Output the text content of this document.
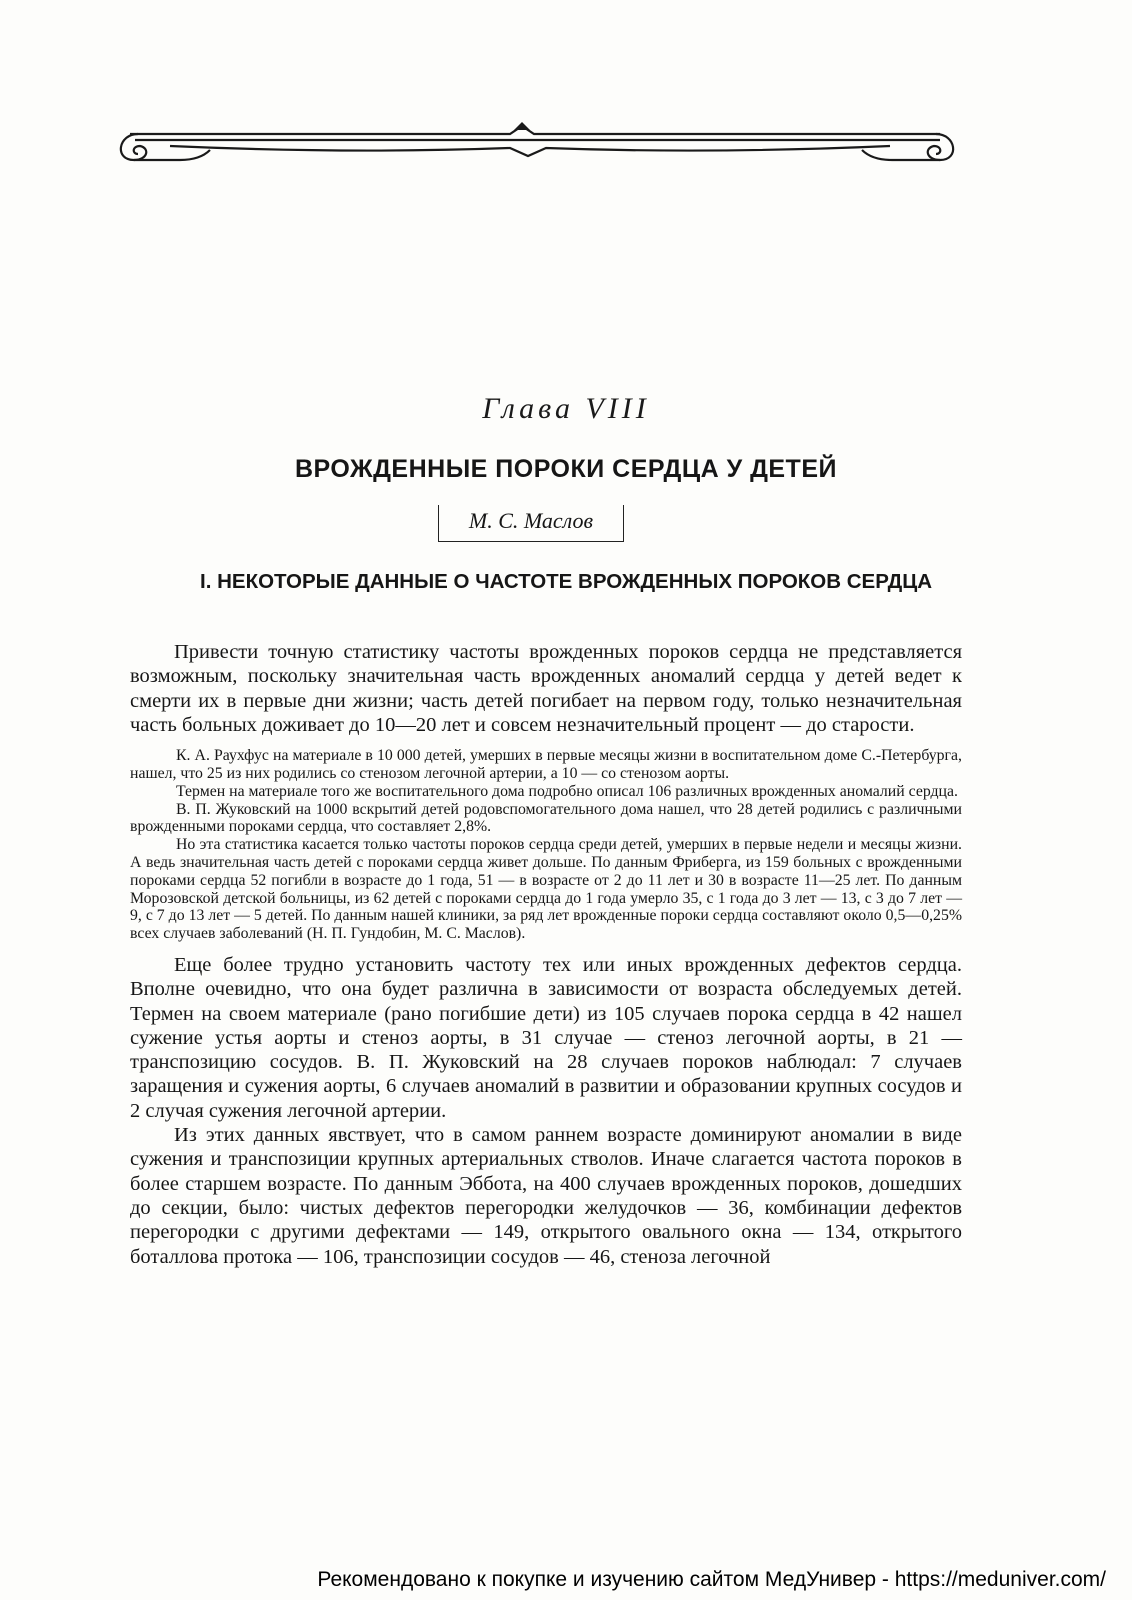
Глава VIII
ВРОЖДЕННЫЕ ПОРОКИ СЕРДЦА У ДЕТЕЙ
М. С. Маслов
I. НЕКОТОРЫЕ ДАННЫЕ О ЧАСТОТЕ ВРОЖДЕННЫХ ПОРОКОВ СЕРДЦА

Привести точную статистику частоты врожденных пороков сердца не представляется возможным, поскольку значительная часть врожденных аномалий сердца у детей ведет к смерти их в первые дни жизни; часть детей погибает на первом году, только незначительная часть больных доживает до 10—20 лет и совсем незначительный процент — до старости.

К. А. Раухфус на материале в 10 000 детей, умерших в первые месяцы жизни в воспитательном доме С.-Петербурга, нашел, что 25 из них родились со стенозом легочной артерии, а 10 — со стенозом аорты.

Термен на материале того же воспитательного дома подробно описал 106 различных врожденных аномалий сердца.

В. П. Жуковский на 1000 вскрытий детей родовспомогательного дома нашел, что 28 детей родились с различными врожденными пороками сердца, что составляет 2,8%.

Но эта статистика касается только частоты пороков сердца среди детей, умерших в первые недели и месяцы жизни. А ведь значительная часть детей с пороками сердца живет дольше. По данным Фриберга, из 159 больных с врожденными пороками сердца 52 погибли в возрасте до 1 года, 51 — в возрасте от 2 до 11 лет и 30 в возрасте 11—25 лет. По данным Морозовской детской больницы, из 62 детей с пороками сердца до 1 года умерло 35, с 1 года до 3 лет — 13, с 3 до 7 лет — 9, с 7 до 13 лет — 5 детей. По данным нашей клиники, за ряд лет врожденные пороки сердца составляют около 0,5—0,25% всех случаев заболеваний (Н. П. Гундобин, М. С. Маслов).

Еще более трудно установить частоту тех или иных врожденных дефектов сердца. Вполне очевидно, что она будет различна в зависимости от возраста обследуемых детей. Термен на своем материале (рано погибшие дети) из 105 случаев порока сердца в 42 нашел сужение устья аорты и стеноз аорты, в 31 случае — стеноз легочной аорты, в 21 — транспозицию сосудов. В. П. Жуковский на 28 случаев пороков наблюдал: 7 случаев заращения и сужения аорты, 6 случаев аномалий в развитии и образовании крупных сосудов и 2 случая сужения легочной артерии.

Из этих данных явствует, что в самом раннем возрасте доминируют аномалии в виде сужения и транспозиции крупных артериальных стволов. Иначе слагается частота пороков в более старшем возрасте. По данным Эббота, на 400 случаев врожденных пороков, дошедших до секции, было: чистых дефектов перегородки желудочков — 36, комбинации дефектов перегородки с другими дефектами — 149, открытого овального окна — 134, открытого боталлова протока — 106, транспозиции сосудов — 46, стеноза легочной

Рекомендовано к покупке и изучению сайтом МедУнивер - https://meduniver.com/
